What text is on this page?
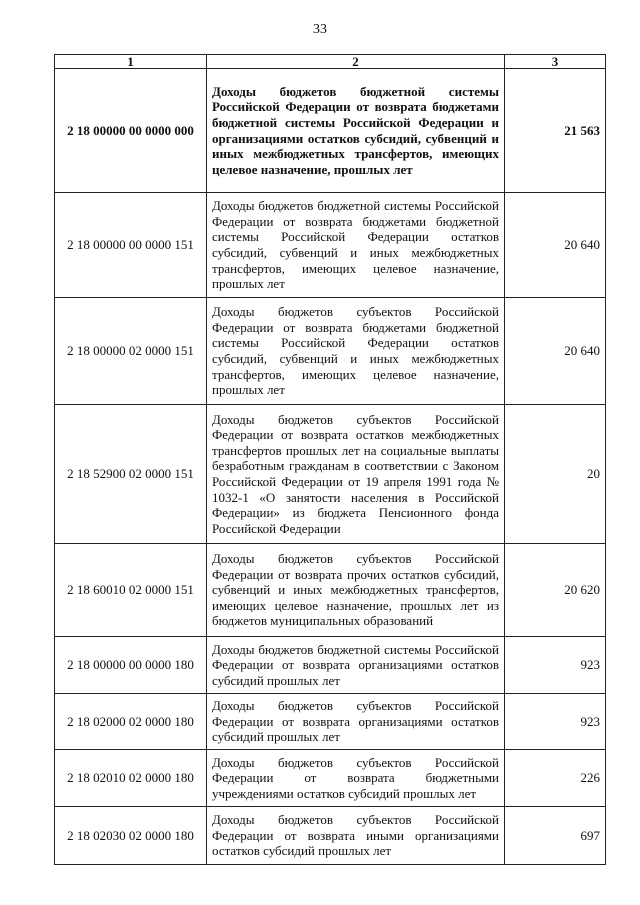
33
1	2	3
2 18 00000 00 0000 000	Доходы бюджетов бюджетной системы Российской Федерации от возврата бюджетами бюджетной системы Российской Федерации и организациями остатков субсидий, субвенций и иных межбюджетных трансфертов, имеющих целевое назначение, прошлых лет	21 563
2 18 00000 00 0000 151	Доходы бюджетов бюджетной системы Российской Федерации от возврата бюджетами бюджетной системы Российской Федерации остатков субсидий, субвенций и иных межбюджетных трансфертов, имеющих целевое назначение, прошлых лет	20 640
2 18 00000 02 0000 151	Доходы бюджетов субъектов Российской Федерации от возврата бюджетами бюджетной системы Российской Федерации остатков субсидий, субвенций и иных межбюджетных трансфертов, имеющих целевое назначение, прошлых лет	20 640
2 18 52900 02 0000 151	Доходы бюджетов субъектов Российской Федерации от возврата остатков межбюджетных трансфертов прошлых лет на социальные выплаты безработным гражданам в соответствии с Законом Российской Федерации от 19 апреля 1991 года № 1032-1 «О занятости населения в Российской Федерации» из бюджета Пенсионного фонда Российской Федерации	20
2 18 60010 02 0000 151	Доходы бюджетов субъектов Российской Федерации от возврата прочих остатков субсидий, субвенций и иных межбюджетных трансфертов, имеющих целевое назначение, прошлых лет из бюджетов муниципальных образований	20 620
2 18 00000 00 0000 180	Доходы бюджетов бюджетной системы Российской Федерации от возврата организациями остатков субсидий прошлых лет	923
2 18 02000 02 0000 180	Доходы бюджетов субъектов Российской Федерации от возврата организациями остатков субсидий прошлых лет	923
2 18 02010 02 0000 180	Доходы бюджетов субъектов Российской Федерации от возврата бюджетными учреждениями остатков субсидий прошлых лет	226
2 18 02030 02 0000 180	Доходы бюджетов субъектов Российской Федерации от возврата иными организациями остатков субсидий прошлых лет	697
